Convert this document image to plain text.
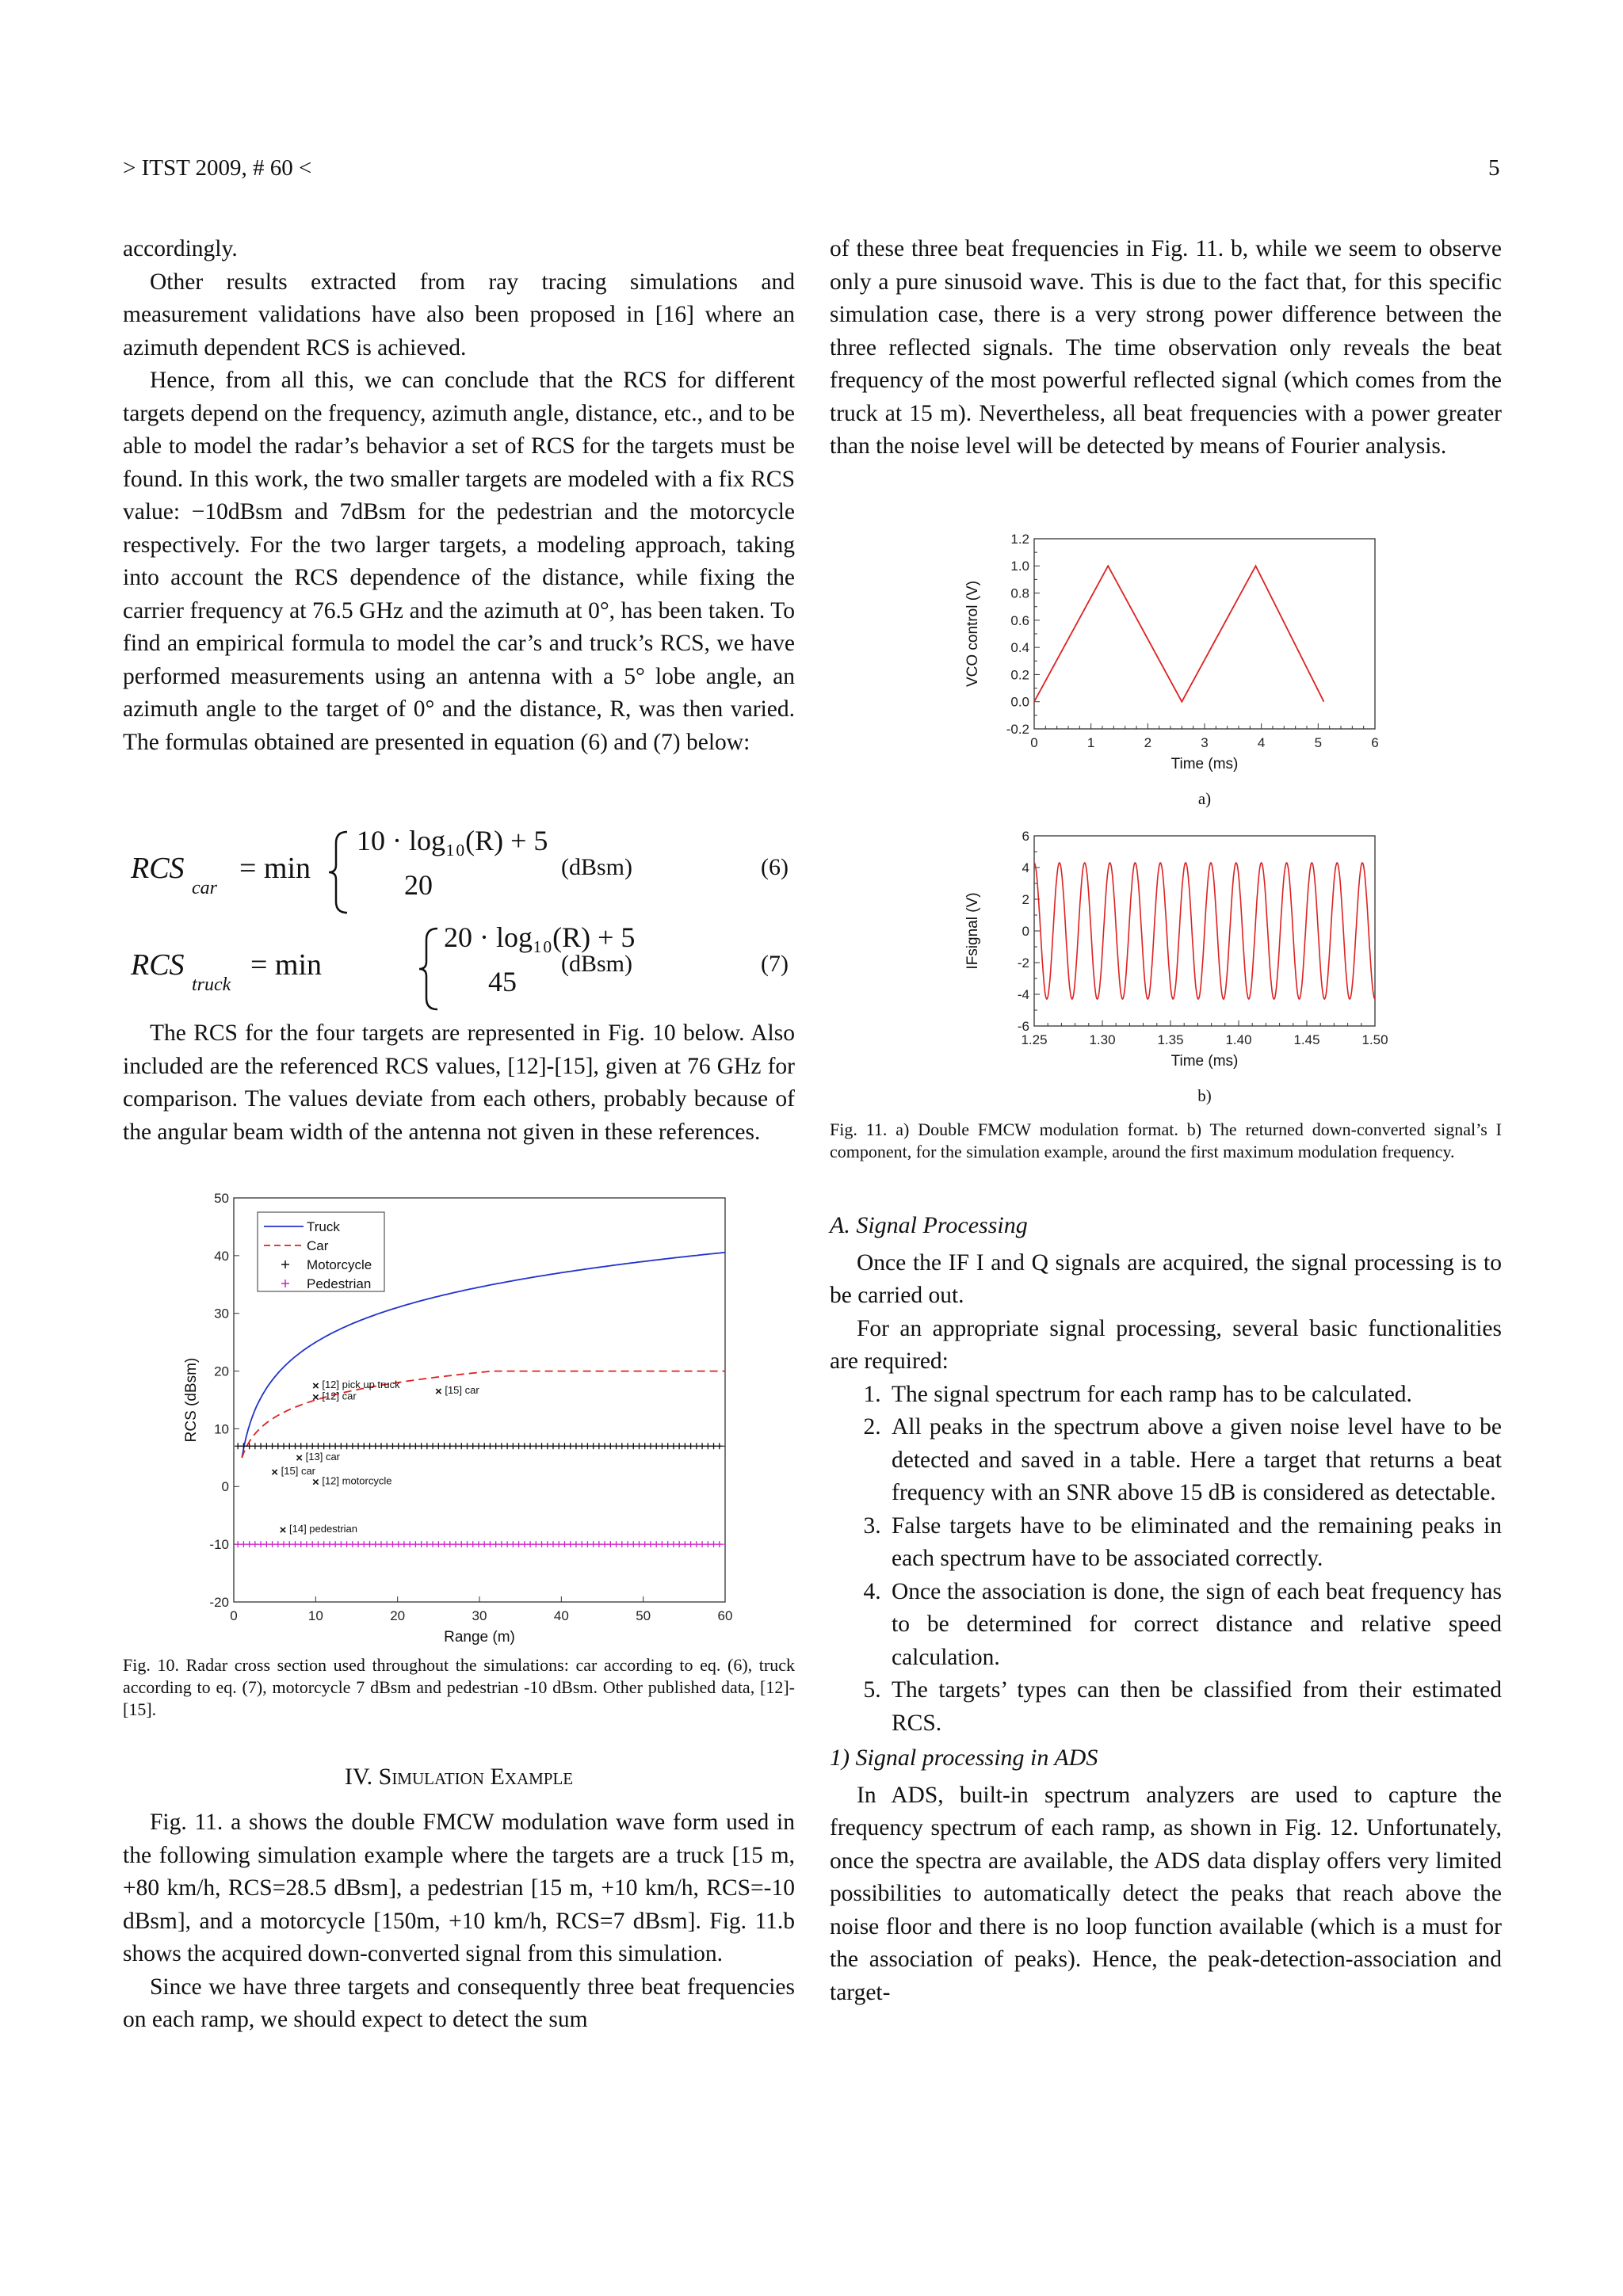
> ITST 2009, # 60 <	5

accordingly.

Other results extracted from ray tracing simulations and measurement validations have also been proposed in [16] where an azimuth dependent RCS is achieved.

Hence, from all this, we can conclude that the RCS for different targets depend on the frequency, azimuth angle, distance, etc., and to be able to model the radar’s behavior a set of RCS for the targets must be found. In this work, the two smaller targets are modeled with a fix RCS value: −10dBsm and 7dBsm for the pedestrian and the motorcycle respectively. For the two larger targets, a modeling approach, taking into account the RCS dependence of the distance, while fixing the carrier frequency at 76.5 GHz and the azimuth at 0°, has been taken. To find an empirical formula to model the car’s and truck’s RCS, we have performed measurements using an antenna with a 5° lobe angle, an azimuth angle to the target of 0° and the distance, R, was then varied. The formulas obtained are presented in equation (6) and (7) below:

RCS
car
= min
10 · log₁₀(R) + 5
20
(dBsm)	(6)
RCS
truck
= min
20 · log₁₀(R) + 5
45
(dBsm)	(7)

The RCS for the four targets are represented in Fig. 10 below. Also included are the referenced RCS values, [12]-[15], given at 76 GHz for comparison. The values deviate from each others, probably because of the angular beam width of the antenna not given in these references.

0	10	20	30	40	50	60
-20
-10
0
10
20
30
40
50
Range (m)
RCS (dBsm)	× [12] pick up truck
× [15] car
× [12] car
× [13] car
× [15] car
× [12] motorcycle
× [14] pedestrian
Truck
Car
Motorcycle
Pedestrian
Fig. 10. Radar cross section used throughout the simulations: car according to eq. (6), truck according to eq. (7), motorcycle 7 dBsm and pedestrian -10 dBsm. Other published data, [12]-[15].
IV. Simulation Example

Fig. 11. a shows the double FMCW modulation wave form used in the following simulation example where the targets are a truck [15 m, +80 km/h, RCS=28.5 dBsm], a pedestrian [15 m, +10 km/h, RCS=-10 dBsm], and a motorcycle [150m, +10 km/h, RCS=7 dBsm]. Fig. 11.b shows the acquired down-converted signal from this simulation.

Since we have three targets and consequently three beat frequencies on each ramp, we should expect to detect the sum

of these three beat frequencies in Fig. 11. b, while we seem to observe only a pure sinusoid wave. This is due to the fact that, for this specific simulation case, there is a very strong power difference between the three reflected signals. The time observation only reveals the beat frequency of the most powerful reflected signal (which comes from the truck at 15 m). Nevertheless, all beat frequencies with a power greater than the noise level will be detected by means of Fourier analysis.

0	1	2	3	4	5	6
-0.2
0.0
0.2
0.4
0.6
0.8
1.0
1.2
Time (ms)
VCO control (V)
a)
1.25	1.30	1.35	1.40	1.45	1.50
-6
-4
-2
0
2
4
6
Time (ms)
IFsignal (V)
b)
Fig. 11. a) Double FMCW modulation format. b) The returned down-converted signal’s I component, for the simulation example, around the first maximum modulation frequency.

A. Signal Processing

Once the IF I and Q signals are acquired, the signal processing is to be carried out.

For an appropriate signal processing, several basic functionalities are required:

1. The signal spectrum for each ramp has to be calculated.
2. All peaks in the spectrum above a given noise level have to be detected and saved in a table. Here a target that returns a beat frequency with an SNR above 15 dB is considered as detectable.
3. False targets have to be eliminated and the remaining peaks in each spectrum have to be associated correctly.
4. Once the association is done, the sign of each beat frequency has to be determined for correct distance and relative speed calculation.
5. The targets’ types can then be classified from their estimated RCS.

1) Signal processing in ADS

In ADS, built-in spectrum analyzers are used to capture the frequency spectrum of each ramp, as shown in Fig. 12. Unfortunately, once the spectra are available, the ADS data display offers very limited possibilities to automatically detect the peaks that reach above the noise floor and there is no loop function available (which is a must for the association of peaks). Hence, the peak-detection-association and target-
